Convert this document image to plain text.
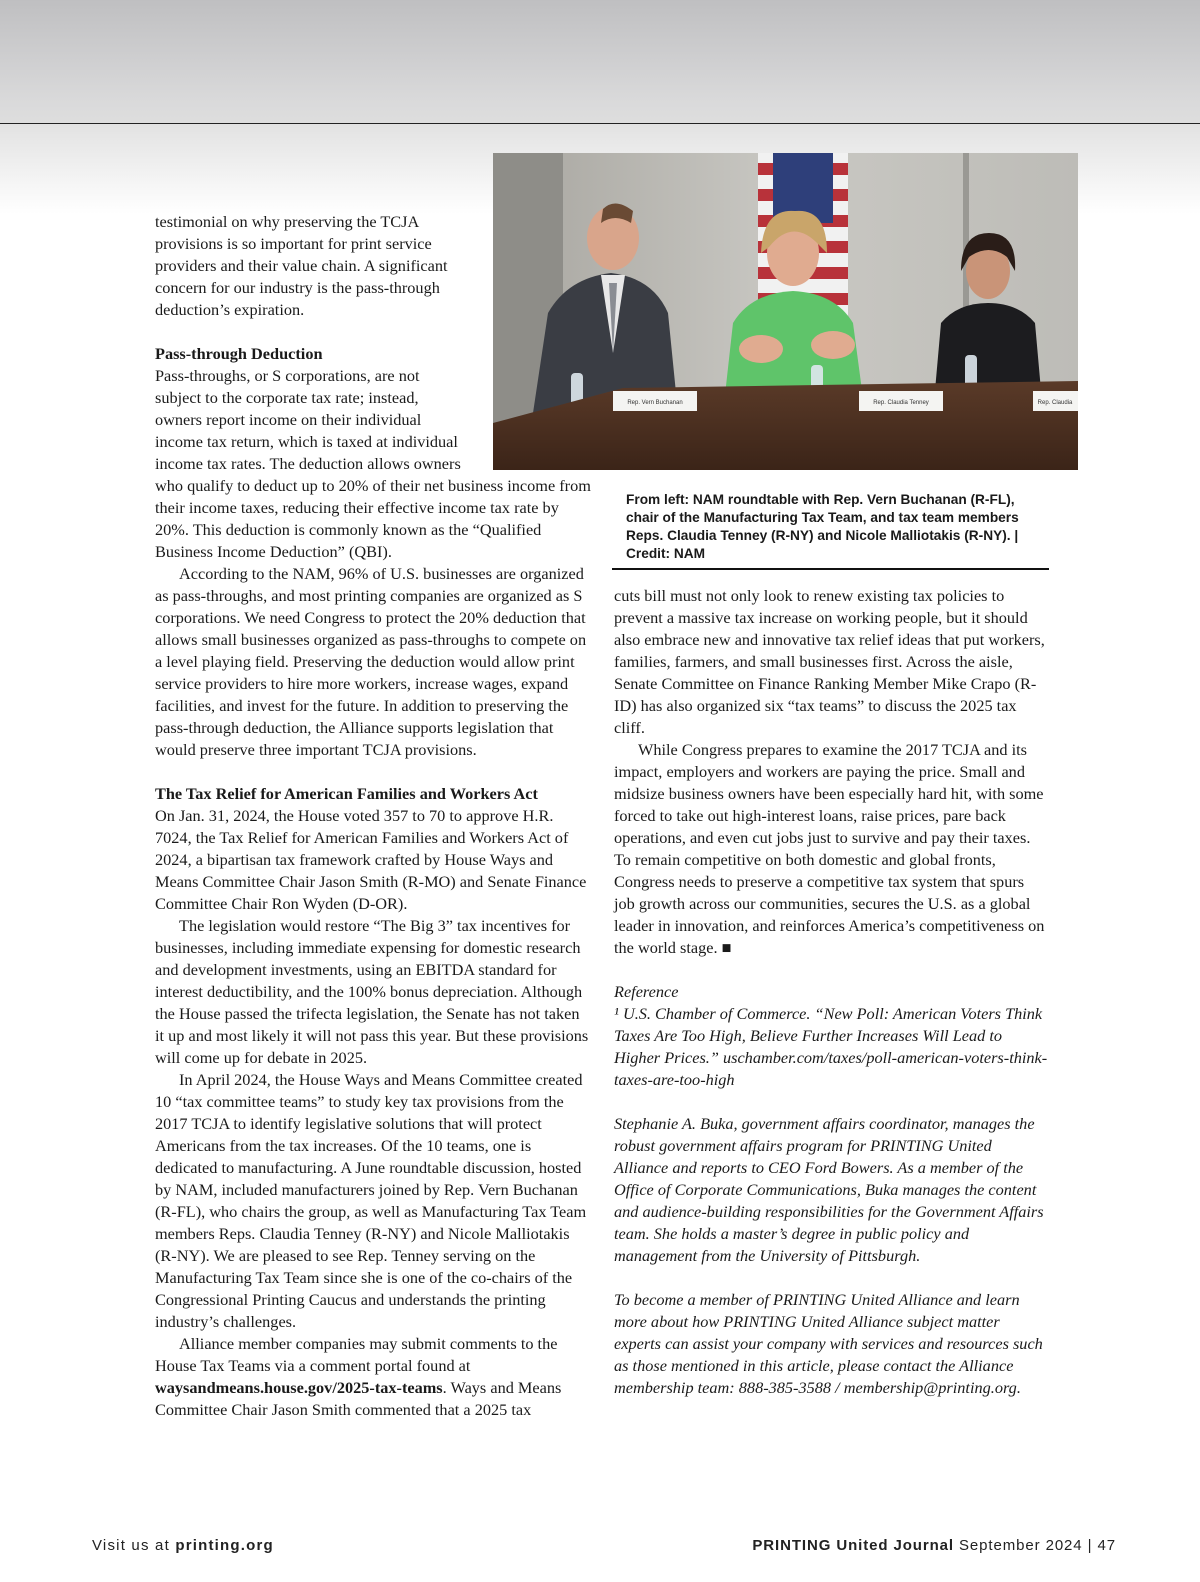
Rep. Vern Buchanan	Rep. Claudia Tenney	Rep. Claudia
From left: NAM roundtable with Rep. Vern Buchanan (R-FL), chair of the Manufacturing Tax Team, and tax team members Reps. Claudia Tenney (R-NY) and Nicole Malliotakis (R-NY). | Credit: NAM

testimonial on why preserving the TCJA provisions is so important for print service providers and their value chain. A significant concern for our industry is the pass-through deduction’s expiration.

Pass-through Deduction

Pass-throughs, or S corporations, are not subject to the corporate tax rate; instead, owners report income on their individual income tax return, which is taxed at individual income tax rates. The deduction allows owners who qualify to deduct up to 20% of their net business income from their income taxes, reducing their effective income tax rate by 20%. This deduction is commonly known as the “Qualified Business Income Deduction” (QBI).

According to the NAM, 96% of U.S. businesses are organized as pass-throughs, and most printing companies are organized as S corporations. We need Congress to protect the 20% deduction that allows small businesses organized as pass-throughs to compete on a level playing field. Preserving the deduction would allow print service providers to hire more workers, increase wages, expand facilities, and invest for the future. In addition to preserving the pass-through deduction, the Alliance supports legislation that would preserve three important TCJA provisions.

The Tax Relief for American Families and Workers Act

On Jan. 31, 2024, the House voted 357 to 70 to approve H.R. 7024, the Tax Relief for American Families and Workers Act of 2024, a bipartisan tax framework crafted by House Ways and Means Committee Chair Jason Smith (R-MO) and Senate Finance Committee Chair Ron Wyden (D-OR).

The legislation would restore “The Big 3” tax incentives for businesses, including immediate expensing for domestic research and development investments, using an EBITDA standard for interest deductibility, and the 100% bonus depreciation. Although the House passed the trifecta legislation, the Senate has not taken it up and most likely it will not pass this year. But these provisions will come up for debate in 2025.

In April 2024, the House Ways and Means Committee created 10 “tax committee teams” to study key tax provisions from the 2017 TCJA to identify legislative solutions that will protect Americans from the tax increases. Of the 10 teams, one is dedicated to manufacturing. A June roundtable discussion, hosted by NAM, included manufacturers joined by Rep. Vern Buchanan (R-FL), who chairs the group, as well as Manufacturing Tax Team members Reps. Claudia Tenney (R-NY) and Nicole Malliotakis (R-NY). We are pleased to see Rep. Tenney serving on the Manufacturing Tax Team since she is one of the co-chairs of the Congressional Printing Caucus and understands the printing industry’s challenges.

Alliance member companies may submit comments to the House Tax Teams via a comment portal found at waysandmeans.house.gov/2025-tax-teams. Ways and Means Committee Chair Jason Smith commented that a 2025 tax

cuts bill must not only look to renew existing tax policies to prevent a massive tax increase on working people, but it should also embrace new and innovative tax relief ideas that put workers, families, farmers, and small businesses first. Across the aisle, Senate Committee on Finance Ranking Member Mike Crapo (R-ID) has also organized six “tax teams” to discuss the 2025 tax cliff.

While Congress prepares to examine the 2017 TCJA and its impact, employers and workers are paying the price. Small and midsize business owners have been especially hard hit, with some forced to take out high-interest loans, raise prices, pare back operations, and even cut jobs just to survive and pay their taxes. To remain competitive on both domestic and global fronts, Congress needs to preserve a competitive tax system that spurs job growth across our communities, secures the U.S. as a global leader in innovation, and reinforces America’s competitiveness on the world stage. ■

Reference

¹ U.S. Chamber of Commerce. “New Poll: American Voters Think Taxes Are Too High, Believe Further Increases Will Lead to Higher Prices.” uschamber.com/taxes/poll-american-voters-think-taxes-are-too-high

Stephanie A. Buka, government affairs coordinator, manages the robust government affairs program for PRINTING United Alliance and reports to CEO Ford Bowers. As a member of the Office of Corporate Communications, Buka manages the content and audience-building responsibilities for the Government Affairs team. She holds a master’s degree in public policy and management from the University of Pittsburgh.

To become a member of PRINTING United Alliance and learn more about how PRINTING United Alliance subject matter experts can assist your company with services and resources such as those mentioned in this article, please contact the Alliance membership team: 888-385-3588 / membership@printing.org.

Visit us at printing.org	PRINTING United Journal September 2024 | 47
